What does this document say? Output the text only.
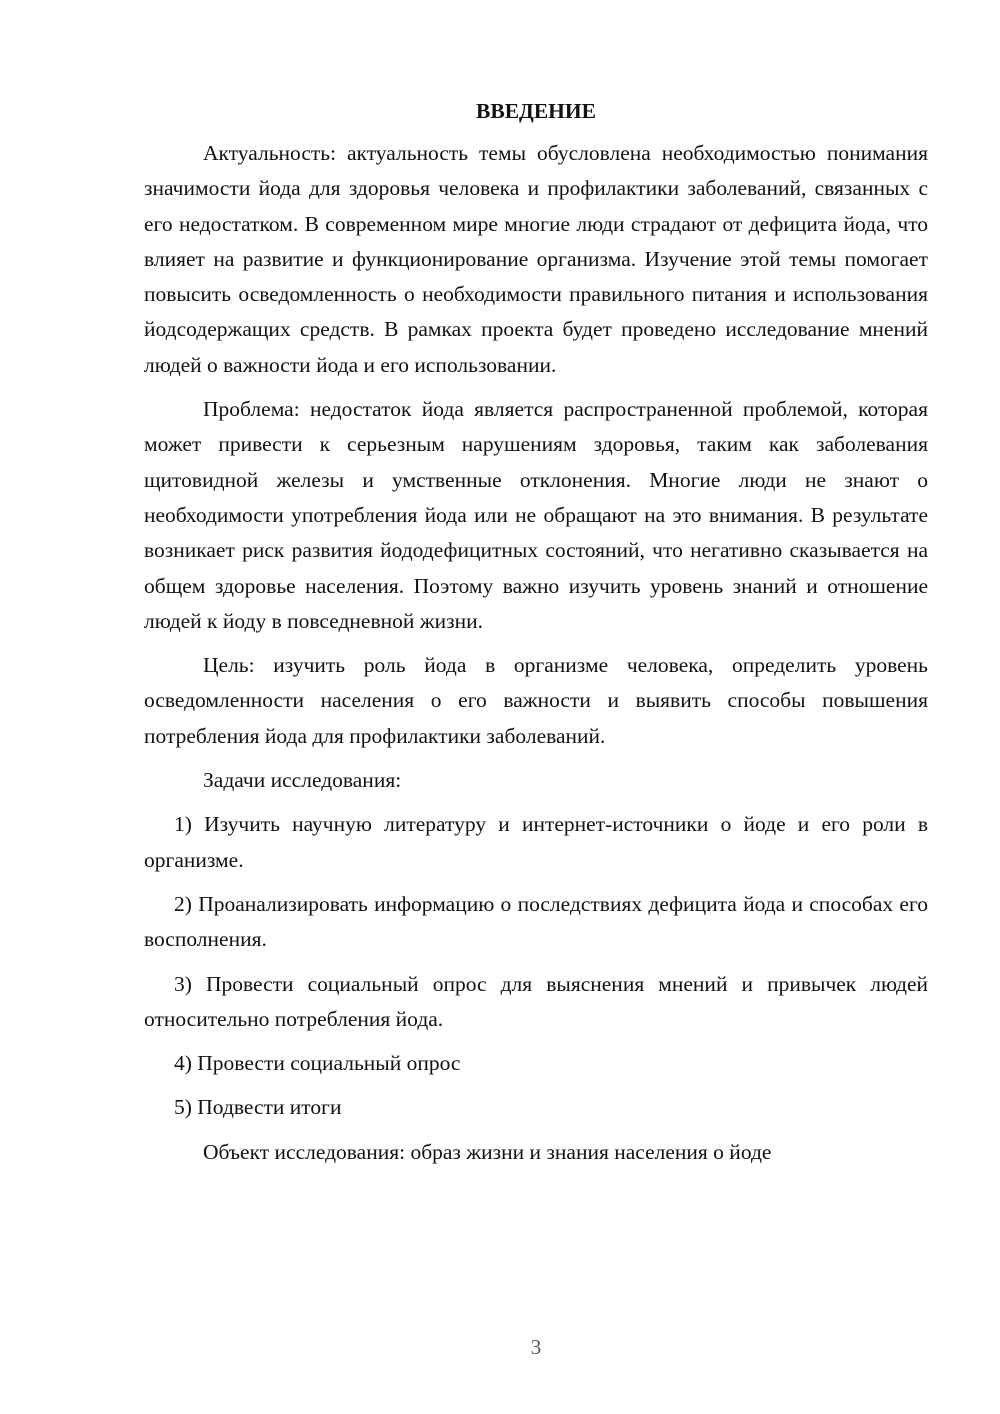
ВВЕДЕНИЕ

Актуальность: актуальность темы обусловлена необходимостью понимания значимости йода для здоровья человека и профилактики заболеваний, связанных с его недостатком. В современном мире многие люди страдают от дефицита йода, что влияет на развитие и функционирование организма. Изучение этой темы помогает повысить осведомленность о необходимости правильного питания и использования йодсодержащих средств. В рамках проекта будет проведено исследование мнений людей о важности йода и его использовании.

Проблема: недостаток йода является распространенной проблемой, которая может привести к серьезным нарушениям здоровья, таким как заболевания щитовидной железы и умственные отклонения. Многие люди не знают о необходимости употребления йода или не обращают на это внимания. В результате возникает риск развития йододефицитных состояний, что негативно сказывается на общем здоровье населения. Поэтому важно изучить уровень знаний и отношение людей к йоду в повседневной жизни.

Цель: изучить роль йода в организме человека, определить уровень осведомленности населения о его важности и выявить способы повышения потребления йода для профилактики заболеваний.

Задачи исследования:

1) Изучить научную литературу и интернет-источники о йоде и его роли в организме.

2) Проанализировать информацию о последствиях дефицита йода и способах его восполнения.

3) Провести социальный опрос для выяснения мнений и привычек людей относительно потребления йода.

4) Провести социальный опрос

5) Подвести итоги

Объект исследования: образ жизни и знания населения о йоде

3
